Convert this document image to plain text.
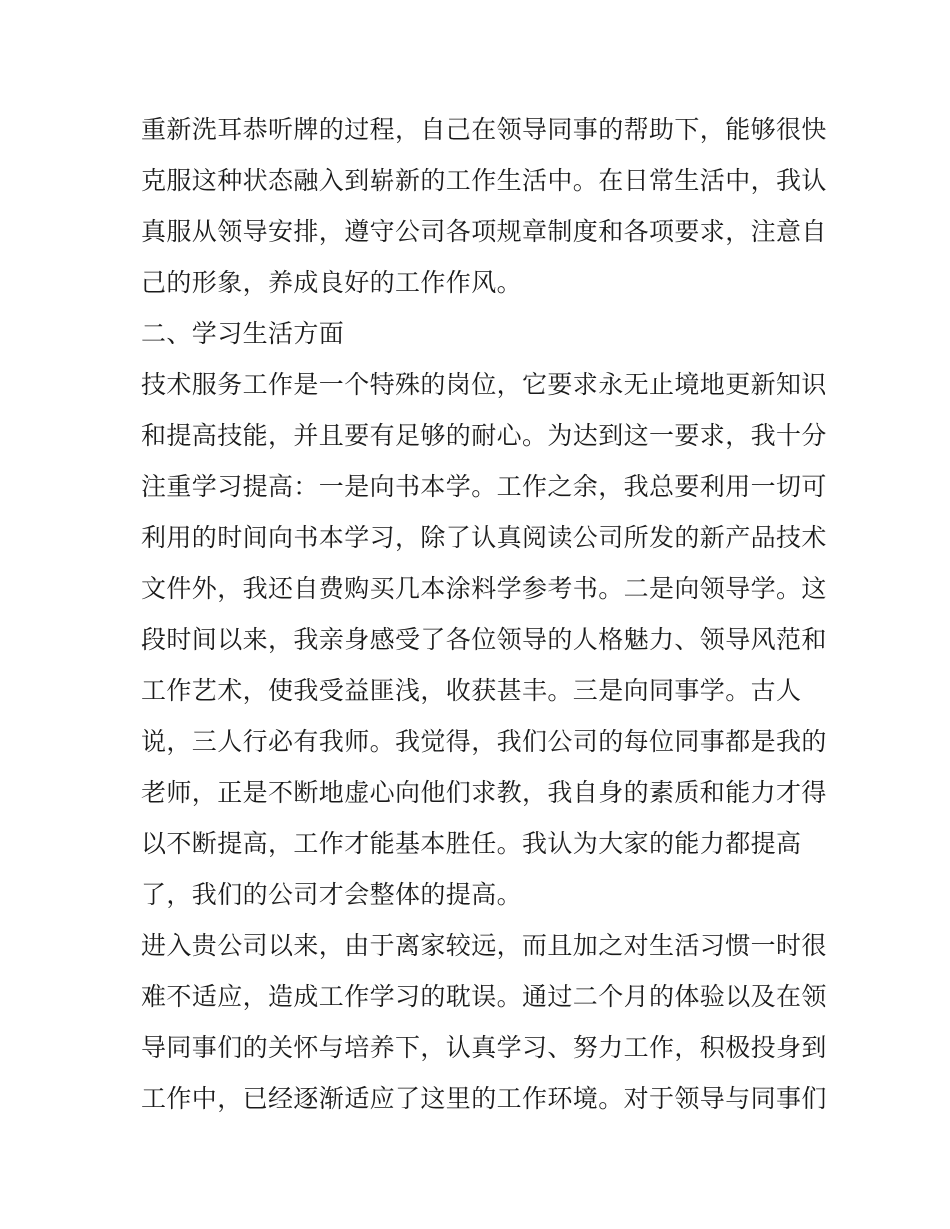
重新洗耳恭听牌的过程，自己在领导同事的帮助下，能够很快
克服这种状态融入到崭新的工作生活中。在日常生活中，我认
真服从领导安排，遵守公司各项规章制度和各项要求，注意自
己的形象，养成良好的工作作风。
二、学习生活方面
技术服务工作是一个特殊的岗位，它要求永无止境地更新知识
和提高技能，并且要有足够的耐心。为达到这一要求，我十分
注重学习提高：一是向书本学。工作之余，我总要利用一切可
利用的时间向书本学习，除了认真阅读公司所发的新产品技术
文件外，我还自费购买几本涂料学参考书。二是向领导学。这
段时间以来，我亲身感受了各位领导的人格魅力、领导风范和
工作艺术，使我受益匪浅，收获甚丰。三是向同事学。古人
说，三人行必有我师。我觉得，我们公司的每位同事都是我的
老师，正是不断地虚心向他们求教，我自身的素质和能力才得
以不断提高，工作才能基本胜任。我认为大家的能力都提高
了，我们的公司才会整体的提高。
进入贵公司以来，由于离家较远，而且加之对生活习惯一时很
难不适应，造成工作学习的耽误。通过二个月的体验以及在领
导同事们的关怀与培养下，认真学习、努力工作，积极投身到
工作中，已经逐渐适应了这里的工作环境。对于领导与同事们
